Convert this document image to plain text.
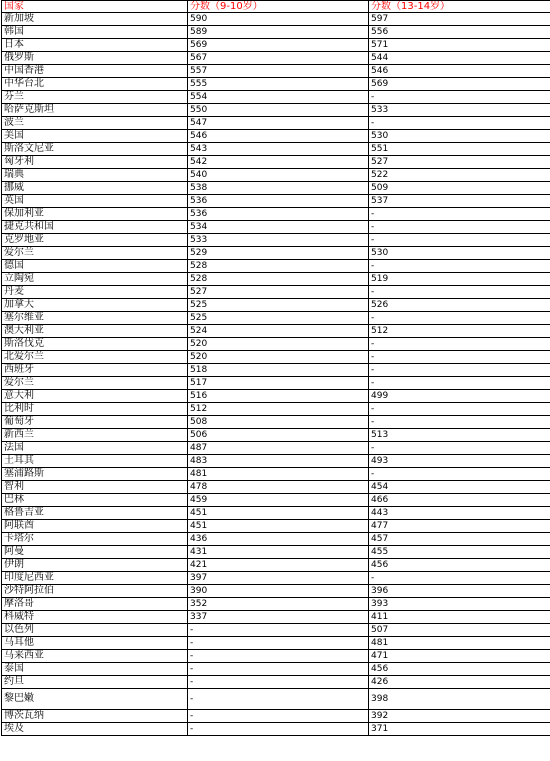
国家	分数（9-10岁）	分数（13-14岁）
新加坡	590	597
韩国	589	556
日本	569	571
俄罗斯	567	544
中国香港	557	546
中华台北	555	569
芬兰	554	-
哈萨克斯坦	550	533
波兰	547	-
美国	546	530
斯洛文尼亚	543	551
匈牙利	542	527
瑞典	540	522
挪威	538	509
英国	536	537
保加利亚	536	-
捷克共和国	534	-
克罗地亚	533	-
爱尔兰	529	530
德国	528	-
立陶宛	528	519
丹麦	527	-
加拿大	525	526
塞尔维亚	525	-
澳大利亚	524	512
斯洛伐克	520	-
北爱尔兰	520	-
西班牙	518	-
爱尔兰	517	-
意大利	516	499
比利时	512	-
葡萄牙	508	-
新西兰	506	513
法国	487	-
土耳其	483	493
塞浦路斯	481	-
智利	478	454
巴林	459	466
格鲁吉亚	451	443
阿联酋	451	477
卡塔尔	436	457
阿曼	431	455
伊朗	421	456
印度尼西亚	397	-
沙特阿拉伯	390	396
摩洛哥	352	393
科威特	337	411
以色列	-	507
马耳他	-	481
马来西亚	-	471
泰国	-	456
约旦	-	426
黎巴嫩	-	398
博茨瓦纳	-	392
埃及	-	371
